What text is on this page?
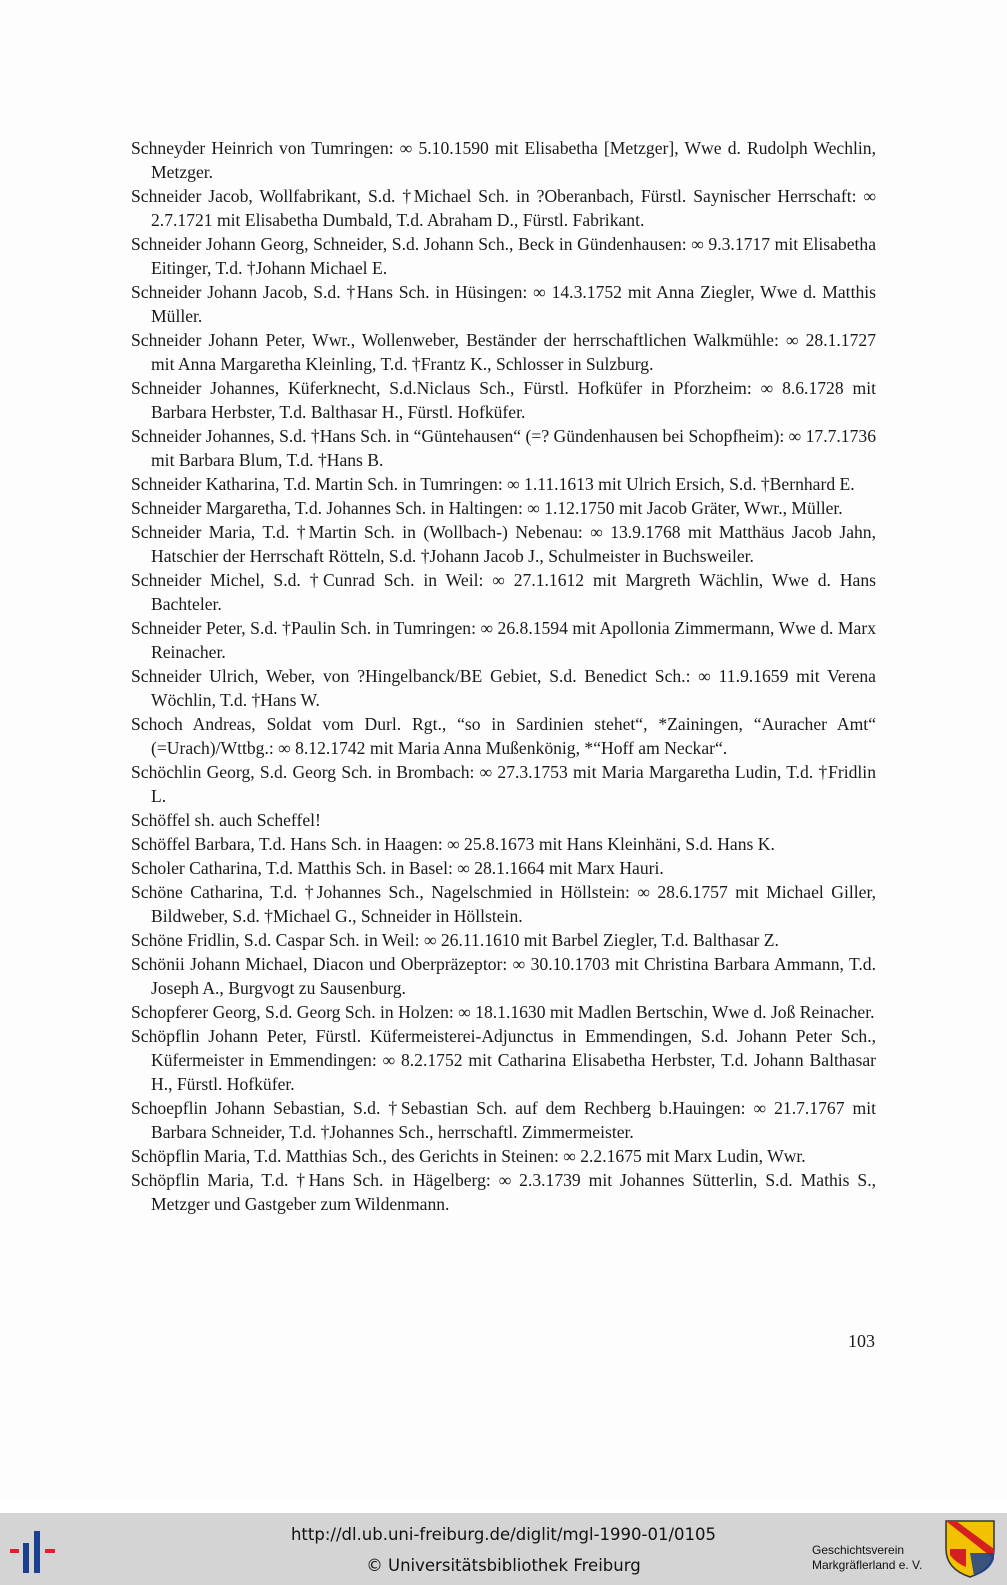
Schneyder Heinrich von Tumringen: ∞ 5.10.1590 mit Elisabetha [Metzger], Wwe d. Rudolph Wechlin, Metzger.

Schneider Jacob, Wollfabrikant, S.d. †Michael Sch. in ?Oberanbach, Fürstl. Saynischer Herrschaft: ∞ 2.7.1721 mit Elisabetha Dumbald, T.d. Abraham D., Fürstl. Fabrikant.

Schneider Johann Georg, Schneider, S.d. Johann Sch., Beck in Gündenhausen: ∞ 9.3.1717 mit Elisabetha Eitinger, T.d. †Johann Michael E.

Schneider Johann Jacob, S.d. †Hans Sch. in Hüsingen: ∞ 14.3.1752 mit Anna Ziegler, Wwe d. Matthis Müller.

Schneider Johann Peter, Wwr., Wollenweber, Beständer der herrschaftlichen Walkmühle: ∞ 28.1.1727 mit Anna Margaretha Kleinling, T.d. †Frantz K., Schlosser in Sulzburg.

Schneider Johannes, Küferknecht, S.d.Niclaus Sch., Fürstl. Hofküfer in Pforzheim: ∞ 8.6.1728 mit Barbara Herbster, T.d. Balthasar H., Fürstl. Hofküfer.

Schneider Johannes, S.d. †Hans Sch. in “Güntehausen“ (=? Gündenhausen bei Schopfheim): ∞ 17.7.1736 mit Barbara Blum, T.d. †Hans B.

Schneider Katharina, T.d. Martin Sch. in Tumringen: ∞ 1.11.1613 mit Ulrich Ersich, S.d. †Bernhard E.

Schneider Margaretha, T.d. Johannes Sch. in Haltingen: ∞ 1.12.1750 mit Jacob Gräter, Wwr., Müller.

Schneider Maria, T.d. †Martin Sch. in (Wollbach-) Nebenau: ∞ 13.9.1768 mit Matthäus Jacob Jahn, Hatschier der Herrschaft Rötteln, S.d. †Johann Jacob J., Schulmeister in Buchsweiler.

Schneider Michel, S.d. †Cunrad Sch. in Weil: ∞ 27.1.1612 mit Margreth Wächlin, Wwe d. Hans Bachteler.

Schneider Peter, S.d. †Paulin Sch. in Tumringen: ∞ 26.8.1594 mit Apollonia Zimmermann, Wwe d. Marx Reinacher.

Schneider Ulrich, Weber, von ?Hingelbanck/BE Gebiet, S.d. Benedict Sch.: ∞ 11.9.1659 mit Verena Wöchlin, T.d. †Hans W.

Schoch Andreas, Soldat vom Durl. Rgt., “so in Sardinien stehet“, *Zainingen, “Auracher Amt“ (=Urach)/Wttbg.: ∞ 8.12.1742 mit Maria Anna Mußenkönig, *“Hoff am Neckar“.

Schöchlin Georg, S.d. Georg Sch. in Brombach: ∞ 27.3.1753 mit Maria Margaretha Ludin, T.d. †Fridlin L.

Schöffel sh. auch Scheffel!

Schöffel Barbara, T.d. Hans Sch. in Haagen: ∞ 25.8.1673 mit Hans Kleinhäni, S.d. Hans K.

Scholer Catharina, T.d. Matthis Sch. in Basel: ∞ 28.1.1664 mit Marx Hauri.

Schöne Catharina, T.d. †Johannes Sch., Nagelschmied in Höllstein: ∞ 28.6.1757 mit Michael Giller, Bildweber, S.d. †Michael G., Schneider in Höllstein.

Schöne Fridlin, S.d. Caspar Sch. in Weil: ∞ 26.11.1610 mit Barbel Ziegler, T.d. Balthasar Z.

Schönii Johann Michael, Diacon und Oberpräzeptor: ∞ 30.10.1703 mit Christina Barbara Ammann, T.d. Joseph A., Burgvogt zu Sausenburg.

Schopferer Georg, S.d. Georg Sch. in Holzen: ∞ 18.1.1630 mit Madlen Bertschin, Wwe d. Joß Reinacher.

Schöpflin Johann Peter, Fürstl. Küfermeisterei-Adjunctus in Emmendingen, S.d. Johann Peter Sch., Küfermeister in Emmendingen: ∞ 8.2.1752 mit Catharina Elisabetha Herbster, T.d. Johann Balthasar H., Fürstl. Hofküfer.

Schoepflin Johann Sebastian, S.d. †Sebastian Sch. auf dem Rechberg b.Hauingen: ∞ 21.7.1767 mit Barbara Schneider, T.d. †Johannes Sch., herrschaftl. Zimmermeister.

Schöpflin Maria, T.d. Matthias Sch., des Gerichts in Steinen: ∞ 2.2.1675 mit Marx Ludin, Wwr.

Schöpflin Maria, T.d. †Hans Sch. in Hägelberg: ∞ 2.3.1739 mit Johannes Sütterlin, S.d. Mathis S., Metzger und Gastgeber zum Wildenmann.

103
http://dl.ub.uni-freiburg.de/diglit/mgl-1990-01/0105
© Universitätsbibliothek Freiburg
Geschichtsverein
Markgräflerland e. V.
